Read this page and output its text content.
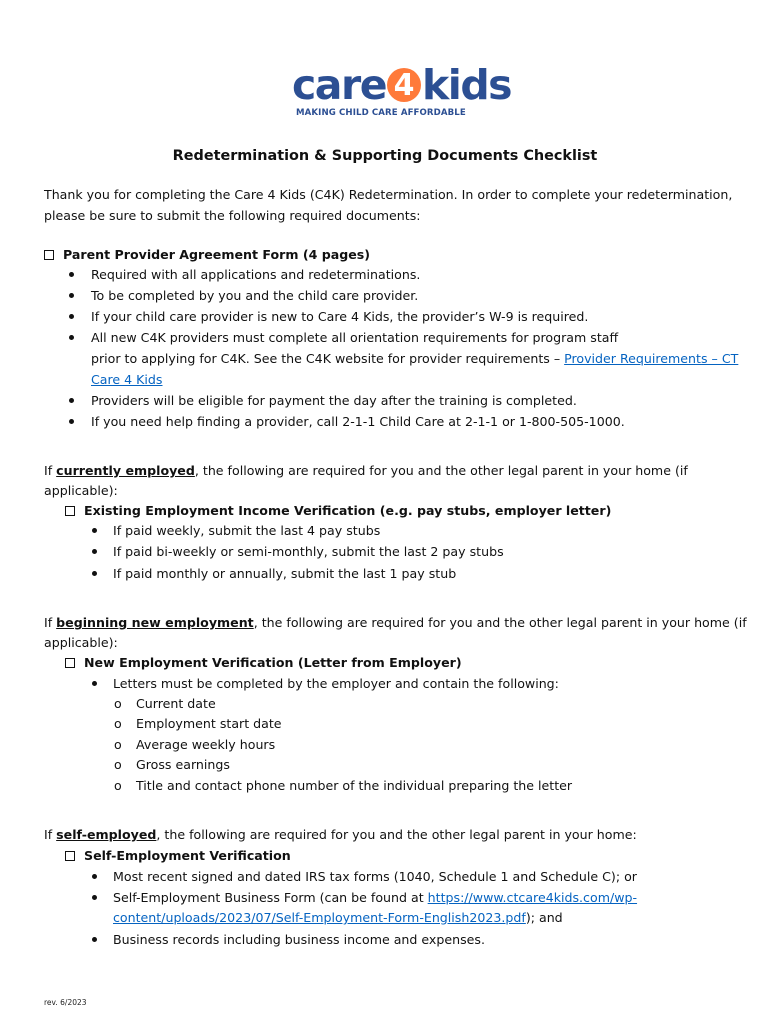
care 4 kids
MAKING CHILD CARE AFFORDABLE
Redetermination & Supporting Documents Checklist
Thank you for completing the Care 4 Kids (C4K) Redetermination. In order to complete your redetermination,
please be sure to submit the following required documents:
Parent Provider Agreement Form (4 pages)
Required with all applications and redeterminations.
To be completed by you and the child care provider.
If your child care provider is new to Care 4 Kids, the provider’s W-9 is required.
All new C4K providers must complete all orientation requirements for program staff
prior to applying for C4K. See the C4K website for provider requirements – Provider Requirements – CT
Care 4 Kids
Providers will be eligible for payment the day after the training is completed.
If you need help finding a provider, call 2-1-1 Child Care at 2-1-1 or 1-800-505-1000.
If currently employed, the following are required for you and the other legal parent in your home (if
applicable):
Existing Employment Income Verification (e.g. pay stubs, employer letter)
If paid weekly, submit the last 4 pay stubs
If paid bi-weekly or semi-monthly, submit the last 2 pay stubs
If paid monthly or annually, submit the last 1 pay stub
If beginning new employment, the following are required for you and the other legal parent in your home (if
applicable):
New Employment Verification (Letter from Employer)
Letters must be completed by the employer and contain the following:
o Current date
o Employment start date
o Average weekly hours
o Gross earnings
o Title and contact phone number of the individual preparing the letter
If self-employed, the following are required for you and the other legal parent in your home:
Self-Employment Verification
Most recent signed and dated IRS tax forms (1040, Schedule 1 and Schedule C); or
Self-Employment Business Form (can be found at https://www.ctcare4kids.com/wp-
content/uploads/2023/07/Self-Employment-Form-English2023.pdf); and
Business records including business income and expenses.
rev. 6/2023
